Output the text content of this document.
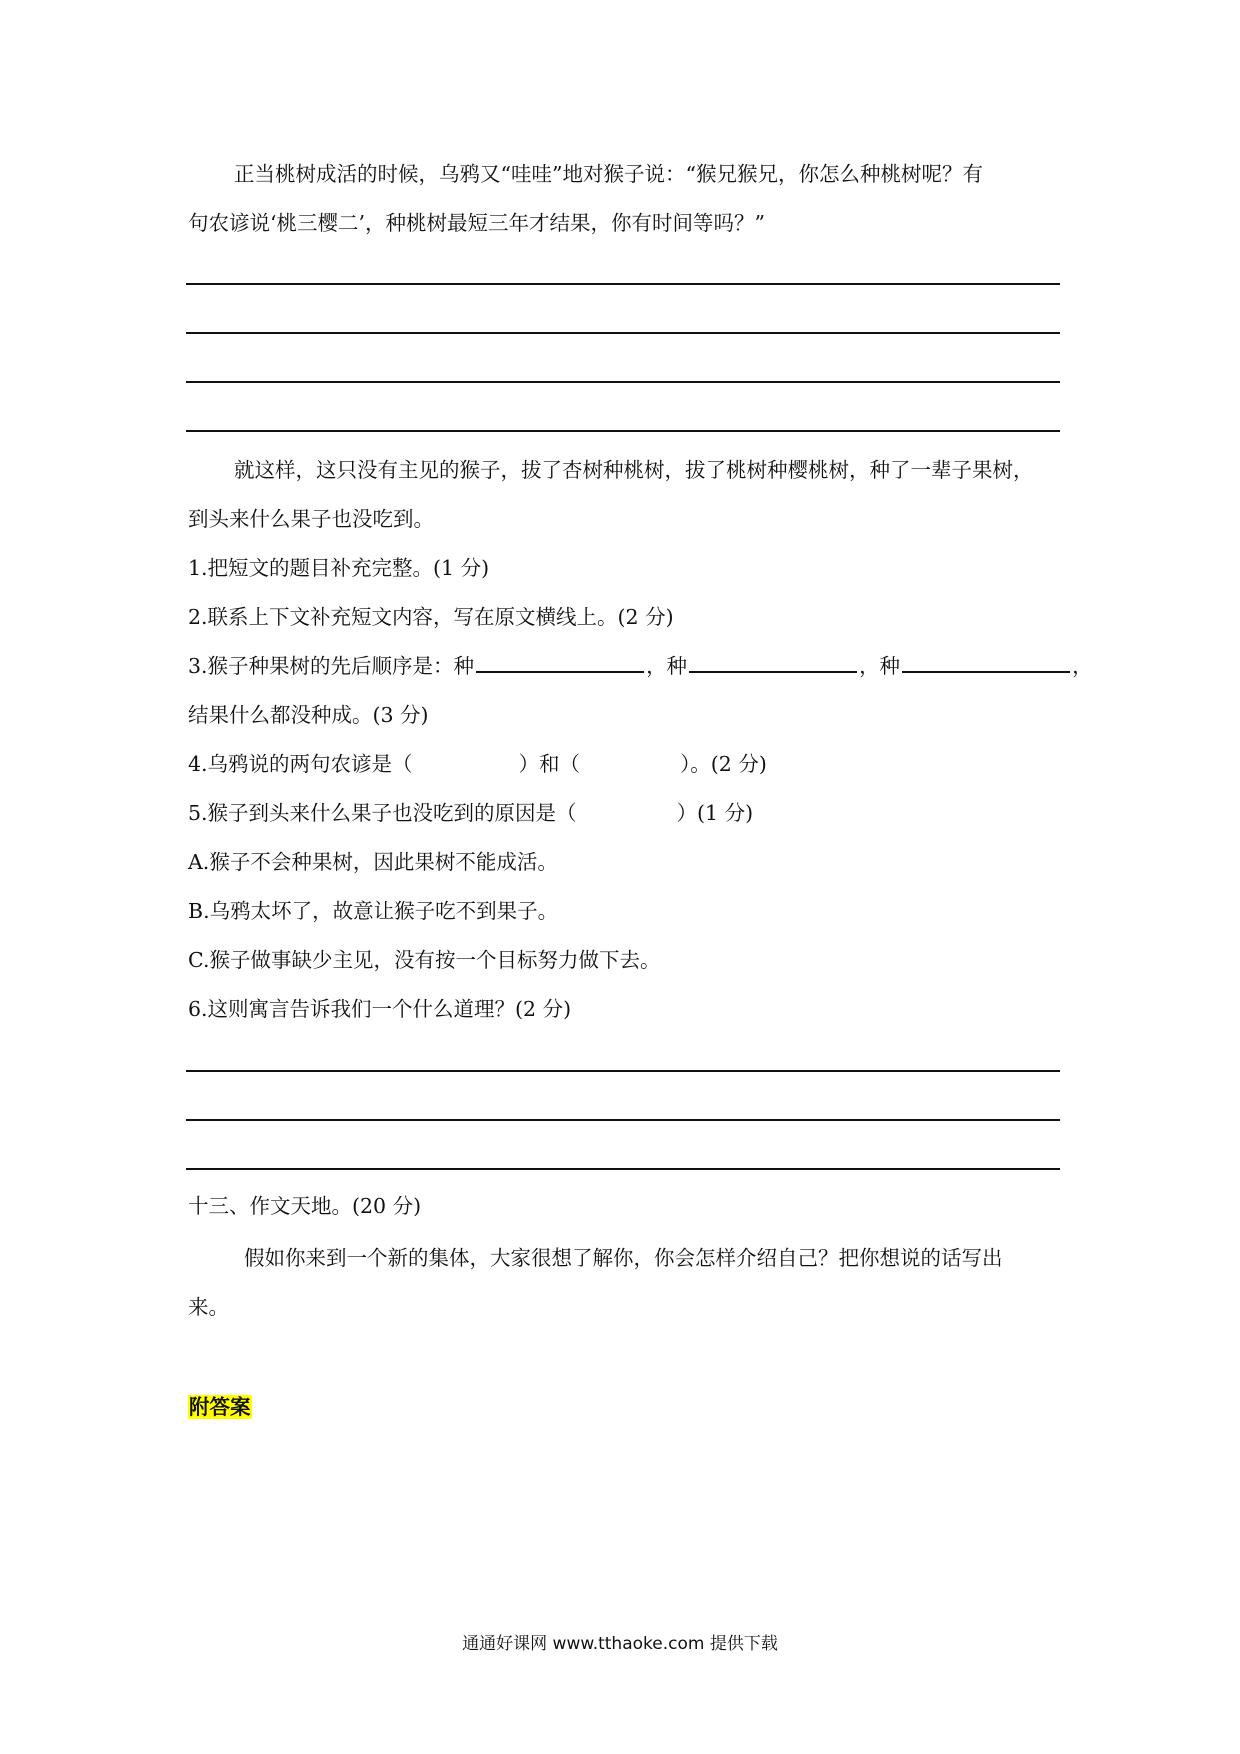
正当桃树成活的时候，乌鸦又“哇哇”地对猴子说：“猴兄猴兄，你怎么种桃树呢？有
句农谚说‘桃三樱二’，种桃树最短三年才结果，你有时间等吗？”
就这样，这只没有主见的猴子，拔了杏树种桃树，拔了桃树种樱桃树，种了一辈子果树，
到头来什么果子也没吃到。
1.把短文的题目补充完整。(1 分)
2.联系上下文补充短文内容，写在原文横线上。(2 分)
3.猴子种果树的先后顺序是：种	，种	，种	，
结果什么都没种成。(3 分)
4.乌鸦说的两句农谚是（	）和（	）。(2 分)
5.猴子到头来什么果子也没吃到的原因是（	）(1 分)
A.猴子不会种果树，因此果树不能成活。
B.乌鸦太坏了，故意让猴子吃不到果子。
C.猴子做事缺少主见，没有按一个目标努力做下去。
6.这则寓言告诉我们一个什么道理？(2 分)
十三、作文天地。(20 分)
假如你来到一个新的集体，大家很想了解你，你会怎样介绍自己？把你想说的话写出
来。
附答案
通通好课网 www.tthaoke.com 提供下载
